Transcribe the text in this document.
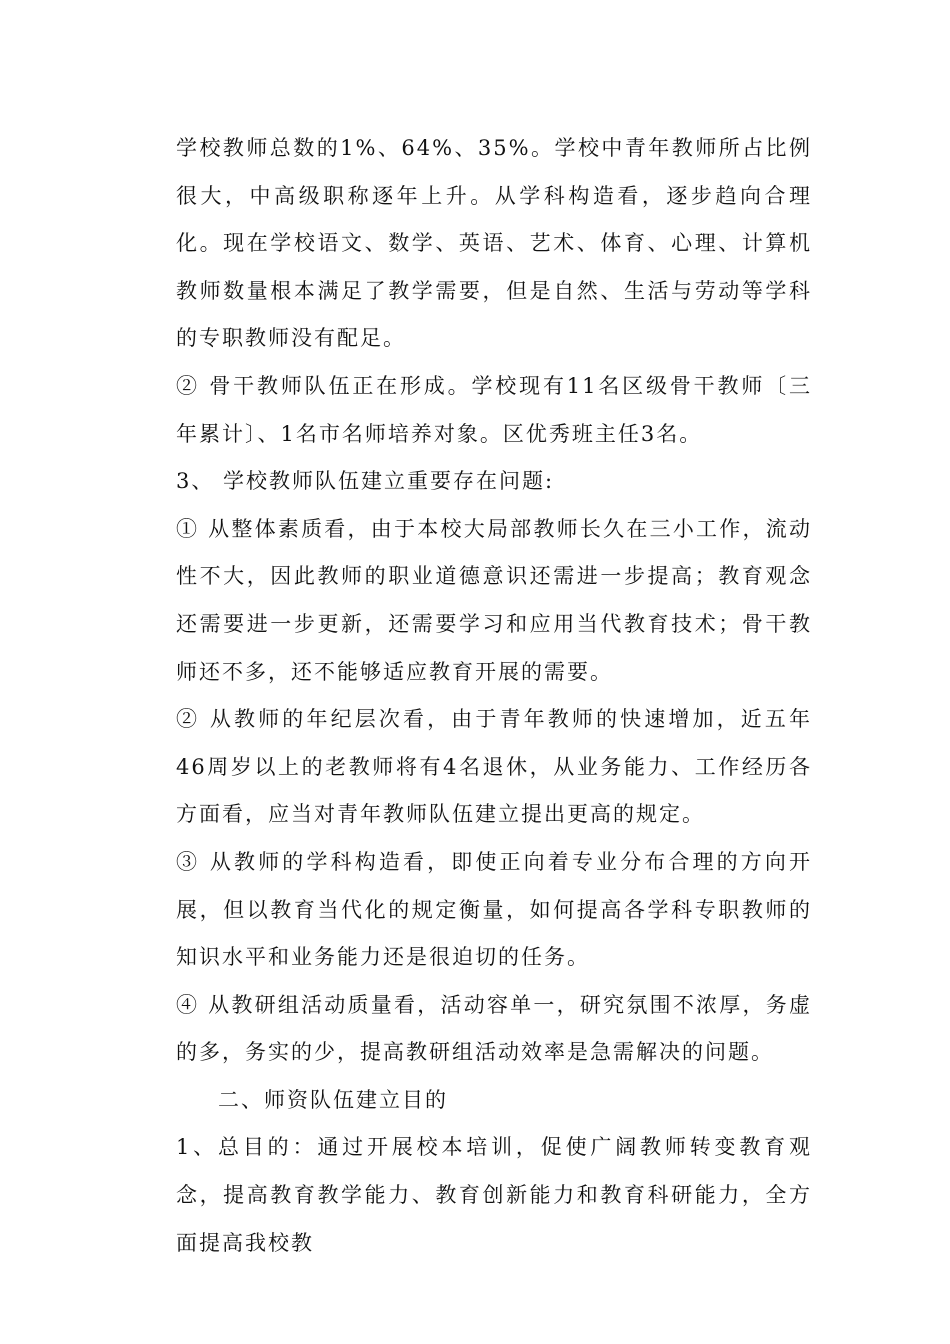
学校教师总数的1%、64%、35%。学校中青年教师所占比例很大，中高级职称逐年上升。从学科构造看，逐步趋向合理化。现在学校语文、数学、英语、艺术、体育、心理、计算机教师数量根本满足了教学需要，但是自然、生活与劳动等学科的专职教师没有配足。

② 骨干教师队伍正在形成。学校现有11名区级骨干教师〔三年累计〕、1名市名师培养对象。区优秀班主任3名。

3、 学校教师队伍建立重要存在问题:

① 从整体素质看，由于本校大局部教师长久在三小工作，流动性不大，因此教师的职业道德意识还需进一步提高；教育观念还需要进一步更新，还需要学习和应用当代教育技术；骨干教师还不多，还不能够适应教育开展的需要。

② 从教师的年纪层次看，由于青年教师的快速增加，近五年46周岁以上的老教师将有4名退休，从业务能力、工作经历各方面看，应当对青年教师队伍建立提出更高的规定。

③ 从教师的学科构造看，即使正向着专业分布合理的方向开展，但以教育当代化的规定衡量，如何提高各学科专职教师的知识水平和业务能力还是很迫切的任务。

④ 从教研组活动质量看，活动容单一，研究氛围不浓厚，务虚的多，务实的少，提高教研组活动效率是急需解决的问题。

二、师资队伍建立目的

1、总目的：通过开展校本培训，促使广阔教师转变教育观念，提高教育教学能力、教育创新能力和教育科研能力，全方面提高我校教
